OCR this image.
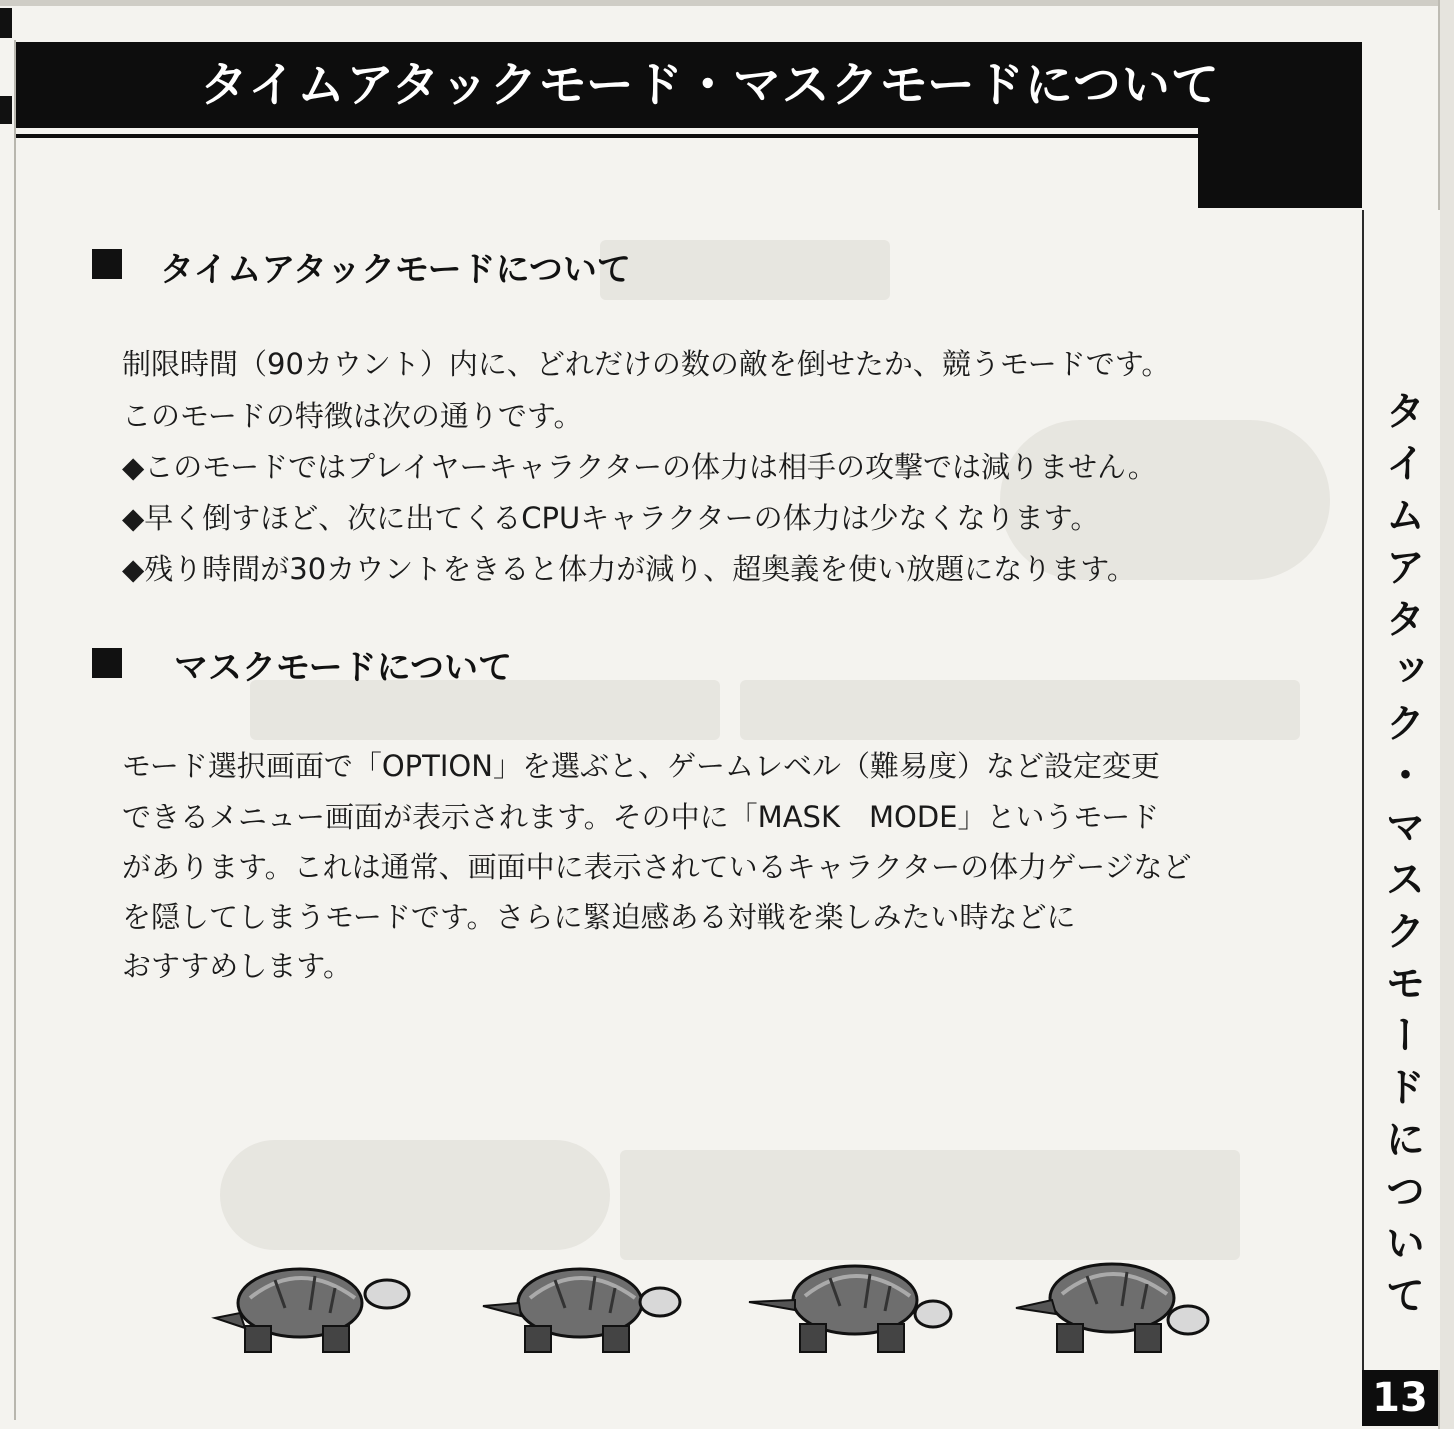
タイムアタックモード・マスクモードについて
タイムアタック・マスクモードについて
13
タイムアタックモードについて
制限時間（90カウント）内に、どれだけの数の敵を倒せたか、競うモードです。
このモードの特徴は次の通りです。
◆このモードではプレイヤーキャラクターの体力は相手の攻撃では減りません。
◆早く倒すほど、次に出てくるCPUキャラクターの体力は少なくなります。
◆残り時間が30カウントをきると体力が減り、超奥義を使い放題になります。
マスクモードについて
モード選択画面で「OPTION」を選ぶと、ゲームレベル（難易度）など設定変更
できるメニュー画面が表示されます。その中に「MASK　MODE」というモード
があります。これは通常、画面中に表示されているキャラクターの体力ゲージなど
を隠してしまうモードです。さらに緊迫感ある対戦を楽しみたい時などに
おすすめします。
